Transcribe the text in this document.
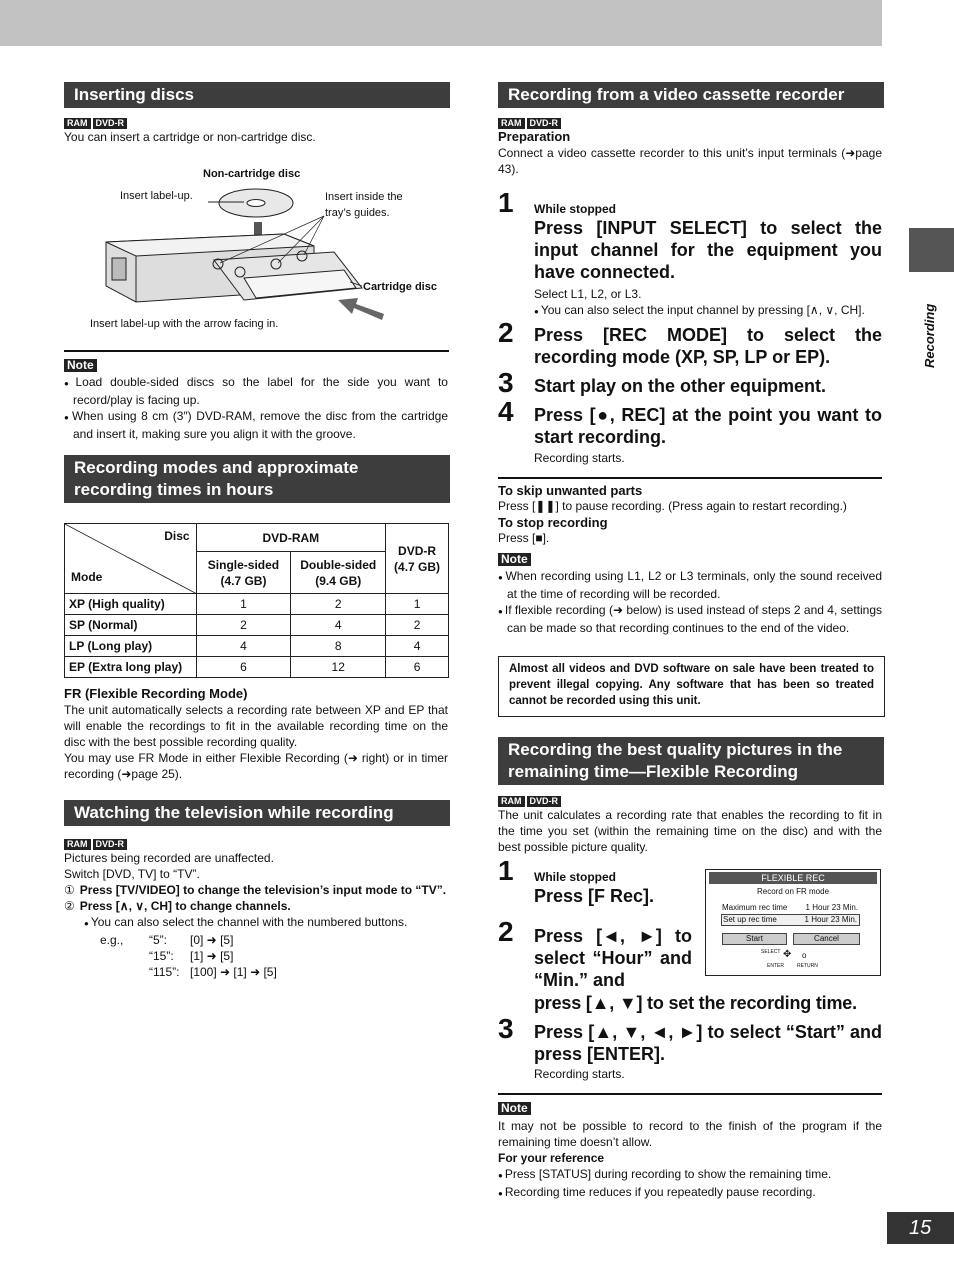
Recording
15
Inserting discs
RAM DVD-R
You can insert a cartridge or non-cartridge disc.
Non-cartridge disc
Insert label-up.	Insert inside the tray’s guides.
Cartridge disc
Insert label-up with the arrow facing in.
Note
● Load double-sided discs so the label for the side you want to record/play is facing up.
● When using 8 cm (3″) DVD-RAM, remove the disc from the cartridge and insert it, making sure you align it with the groove.
Recording modes and approximate recording times in hours
Disc
Mode	DVD-RAM		DVD-R (4.7 GB)
	Single-sided (4.7 GB)	Double-sided (9.4 GB)	
XP (High quality)	1	2	1
SP (Normal)	2	4	2
LP (Long play)	4	8	4
EP (Extra long play)	6	12	6
FR (Flexible Recording Mode)
The unit automatically selects a recording rate between XP and EP that will enable the recordings to fit in the available recording time on the disc with the best possible recording quality.
You may use FR Mode in either Flexible Recording (➜ right) or in timer recording (➜page 25).
Watching the television while recording
RAM DVD-R
Pictures being recorded are unaffected.
Switch [DVD, TV] to “TV”.
① Press [TV/VIDEO] to change the television’s input mode to “TV”.
② Press [∧, ∨, CH] to change channels.
● You can also select the channel with the numbered buttons.
e.g., “5”: [0] ➜ [5]
“15”: [1] ➜ [5]
“115”: [100] ➜ [1] ➜ [5]
Recording from a video cassette recorder
RAM DVD-R
Preparation
Connect a video cassette recorder to this unit’s input terminals (➜page 43).
1 While stopped
Press [INPUT SELECT] to select the input channel for the equipment you have connected.
Select L1, L2, or L3.
● You can also select the input channel by pressing [∧, ∨, CH].
2 Press [REC MODE] to select the recording mode (XP, SP, LP or EP).
3 Start play on the other equipment.
4 Press [●, REC] at the point you want to start recording.
Recording starts.
To skip unwanted parts
Press [❚❚] to pause recording. (Press again to restart recording.)
To stop recording
Press [■].
Note
● When recording using L1, L2 or L3 terminals, only the sound received at the time of recording will be recorded.
● If flexible recording (➜ below) is used instead of steps 2 and 4, settings can be made so that recording continues to the end of the video.
Almost all videos and DVD software on sale have been treated to prevent illegal copying. Any software that has been so treated cannot be recorded using this unit.
Recording the best quality pictures in the remaining time—Flexible Recording
RAM DVD-R
The unit calculates a recording rate that enables the recording to fit in the time you set (within the remaining time on the disc) and with the best possible picture quality.
1 While stopped
Press [F Rec].
2 Press [◄, ►] to select “Hour” and “Min.” and
press [▲, ▼] to set the recording time.
FLEXIBLE REC
Record on FR mode
Maximum rec time 1 Hour 23 Min.
Set up rec time	1 Hour 23 Min.
Start	Cancel
SELECT ✥ o
ENTER	RETURN
3 Press [▲, ▼, ◄, ►] to select “Start” and press [ENTER].
Recording starts.
Note
It may not be possible to record to the finish of the program if the remaining time doesn’t allow.
For your reference
● Press [STATUS] during recording to show the remaining time.
● Recording time reduces if you repeatedly pause recording.
